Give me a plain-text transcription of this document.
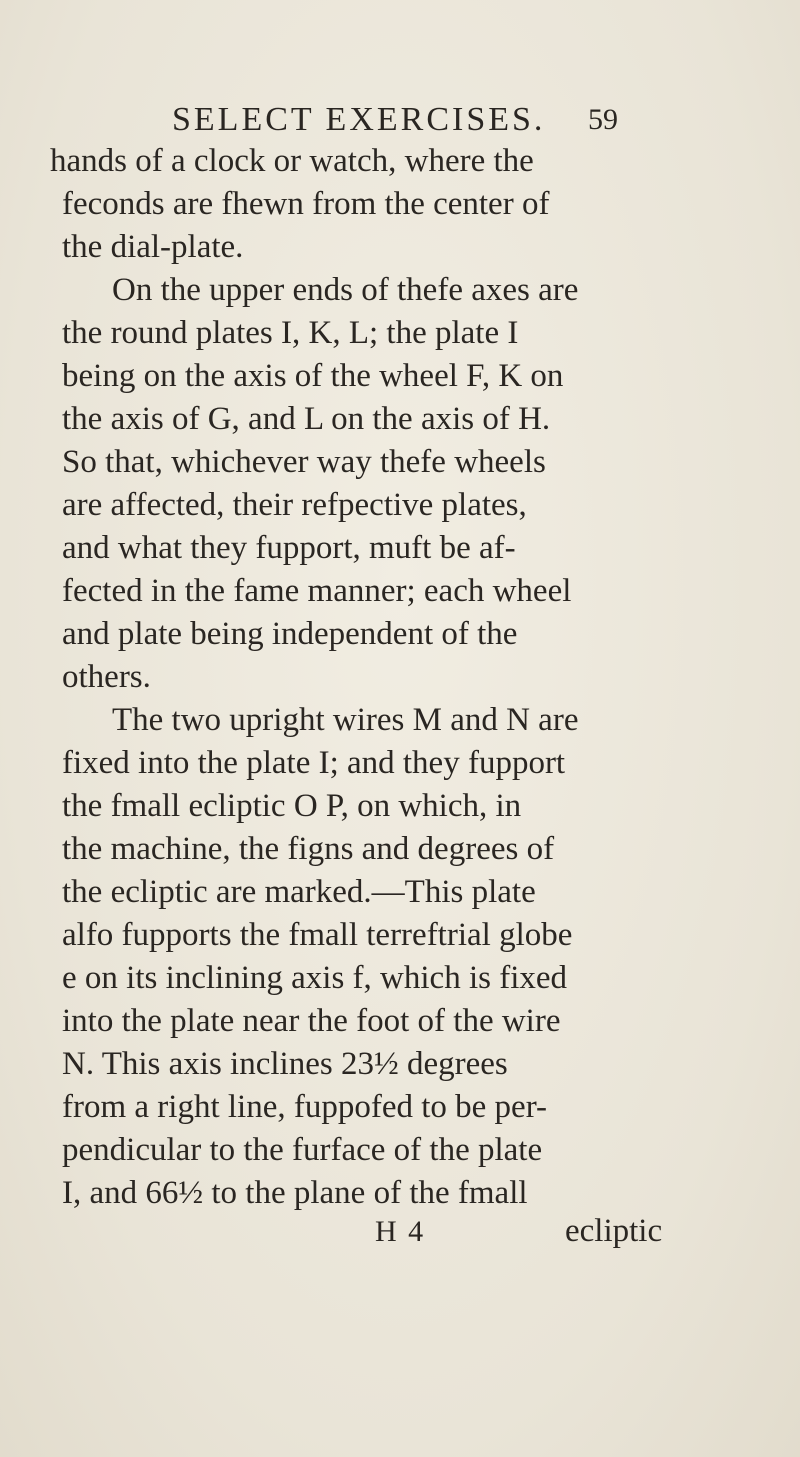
SELECT EXERCISES. 59
hands of a clock or watch, where the
feconds are fhewn from the center of
the dial-plate.
On the upper ends of thefe axes are
the round plates I, K, L; the plate I
being on the axis of the wheel F, K on
the axis of G, and L on the axis of H.
So that, whichever way thefe wheels
are affected, their refpective plates,
and what they fupport, muft be af-
fected in the fame manner; each wheel
and plate being independent of the
others.
The two upright wires M and N are
fixed into the plate I; and they fupport
the fmall ecliptic O P, on which, in
the machine, the figns and degrees of
the ecliptic are marked.—This plate
alfo fupports the fmall terreftrial globe
e on its inclining axis f, which is fixed
into the plate near the foot of the wire
N. This axis inclines 23½ degrees
from a right line, fuppofed to be per-
pendicular to the furface of the plate
I, and 66½ to the plane of the fmall
H 4	ecliptic
